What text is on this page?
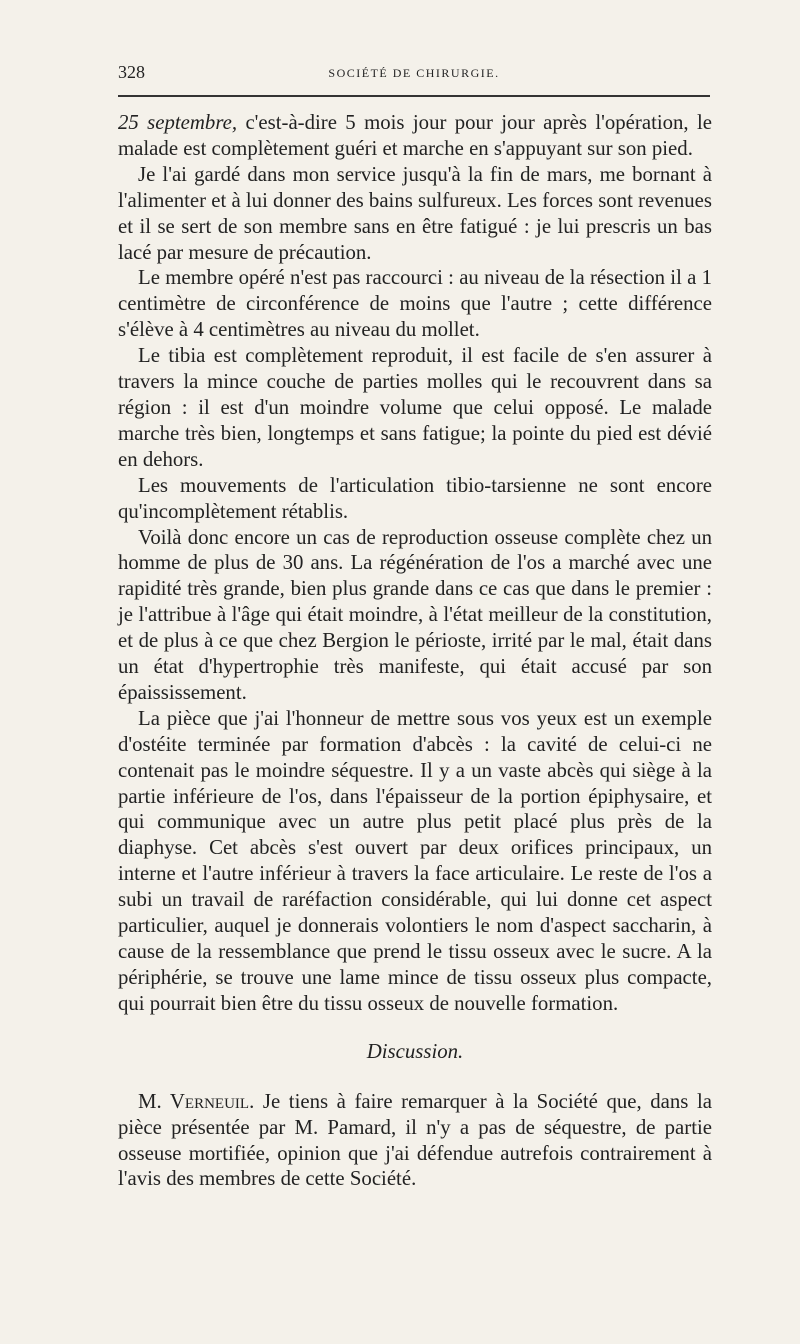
328	SOCIÉTÉ DE CHIRURGIE.

25 septembre, c'est-à-dire 5 mois jour pour jour après l'opération, le malade est complètement guéri et marche en s'appuyant sur son pied.

Je l'ai gardé dans mon service jusqu'à la fin de mars, me bornant à l'alimenter et à lui donner des bains sulfureux. Les forces sont revenues et il se sert de son membre sans en être fatigué : je lui prescris un bas lacé par mesure de précaution.

Le membre opéré n'est pas raccourci : au niveau de la résection il a 1 centimètre de circonférence de moins que l'autre ; cette différence s'élève à 4 centimètres au niveau du mollet.

Le tibia est complètement reproduit, il est facile de s'en assurer à travers la mince couche de parties molles qui le recouvrent dans sa région : il est d'un moindre volume que celui opposé. Le malade marche très bien, longtemps et sans fatigue; la pointe du pied est dévié en dehors.

Les mouvements de l'articulation tibio-tarsienne ne sont encore qu'incomplètement rétablis.

Voilà donc encore un cas de reproduction osseuse complète chez un homme de plus de 30 ans. La régénération de l'os a marché avec une rapidité très grande, bien plus grande dans ce cas que dans le premier : je l'attribue à l'âge qui était moindre, à l'état meilleur de la constitution, et de plus à ce que chez Bergion le périoste, irrité par le mal, était dans un état d'hypertrophie très manifeste, qui était accusé par son épaississement.

La pièce que j'ai l'honneur de mettre sous vos yeux est un exemple d'ostéite terminée par formation d'abcès : la cavité de celui-ci ne contenait pas le moindre séquestre. Il y a un vaste abcès qui siège à la partie inférieure de l'os, dans l'épaisseur de la portion épiphysaire, et qui communique avec un autre plus petit placé plus près de la diaphyse. Cet abcès s'est ouvert par deux orifices principaux, un interne et l'autre inférieur à travers la face articulaire. Le reste de l'os a subi un travail de raréfaction considérable, qui lui donne cet aspect particulier, auquel je donnerais volontiers le nom d'aspect saccharin, à cause de la ressemblance que prend le tissu osseux avec le sucre. A la périphérie, se trouve une lame mince de tissu osseux plus compacte, qui pourrait bien être du tissu osseux de nouvelle formation.

Discussion.

M. Verneuil. Je tiens à faire remarquer à la Société que, dans la pièce présentée par M. Pamard, il n'y a pas de séquestre, de partie osseuse mortifiée, opinion que j'ai défendue autrefois contrairement à l'avis des membres de cette Société.
